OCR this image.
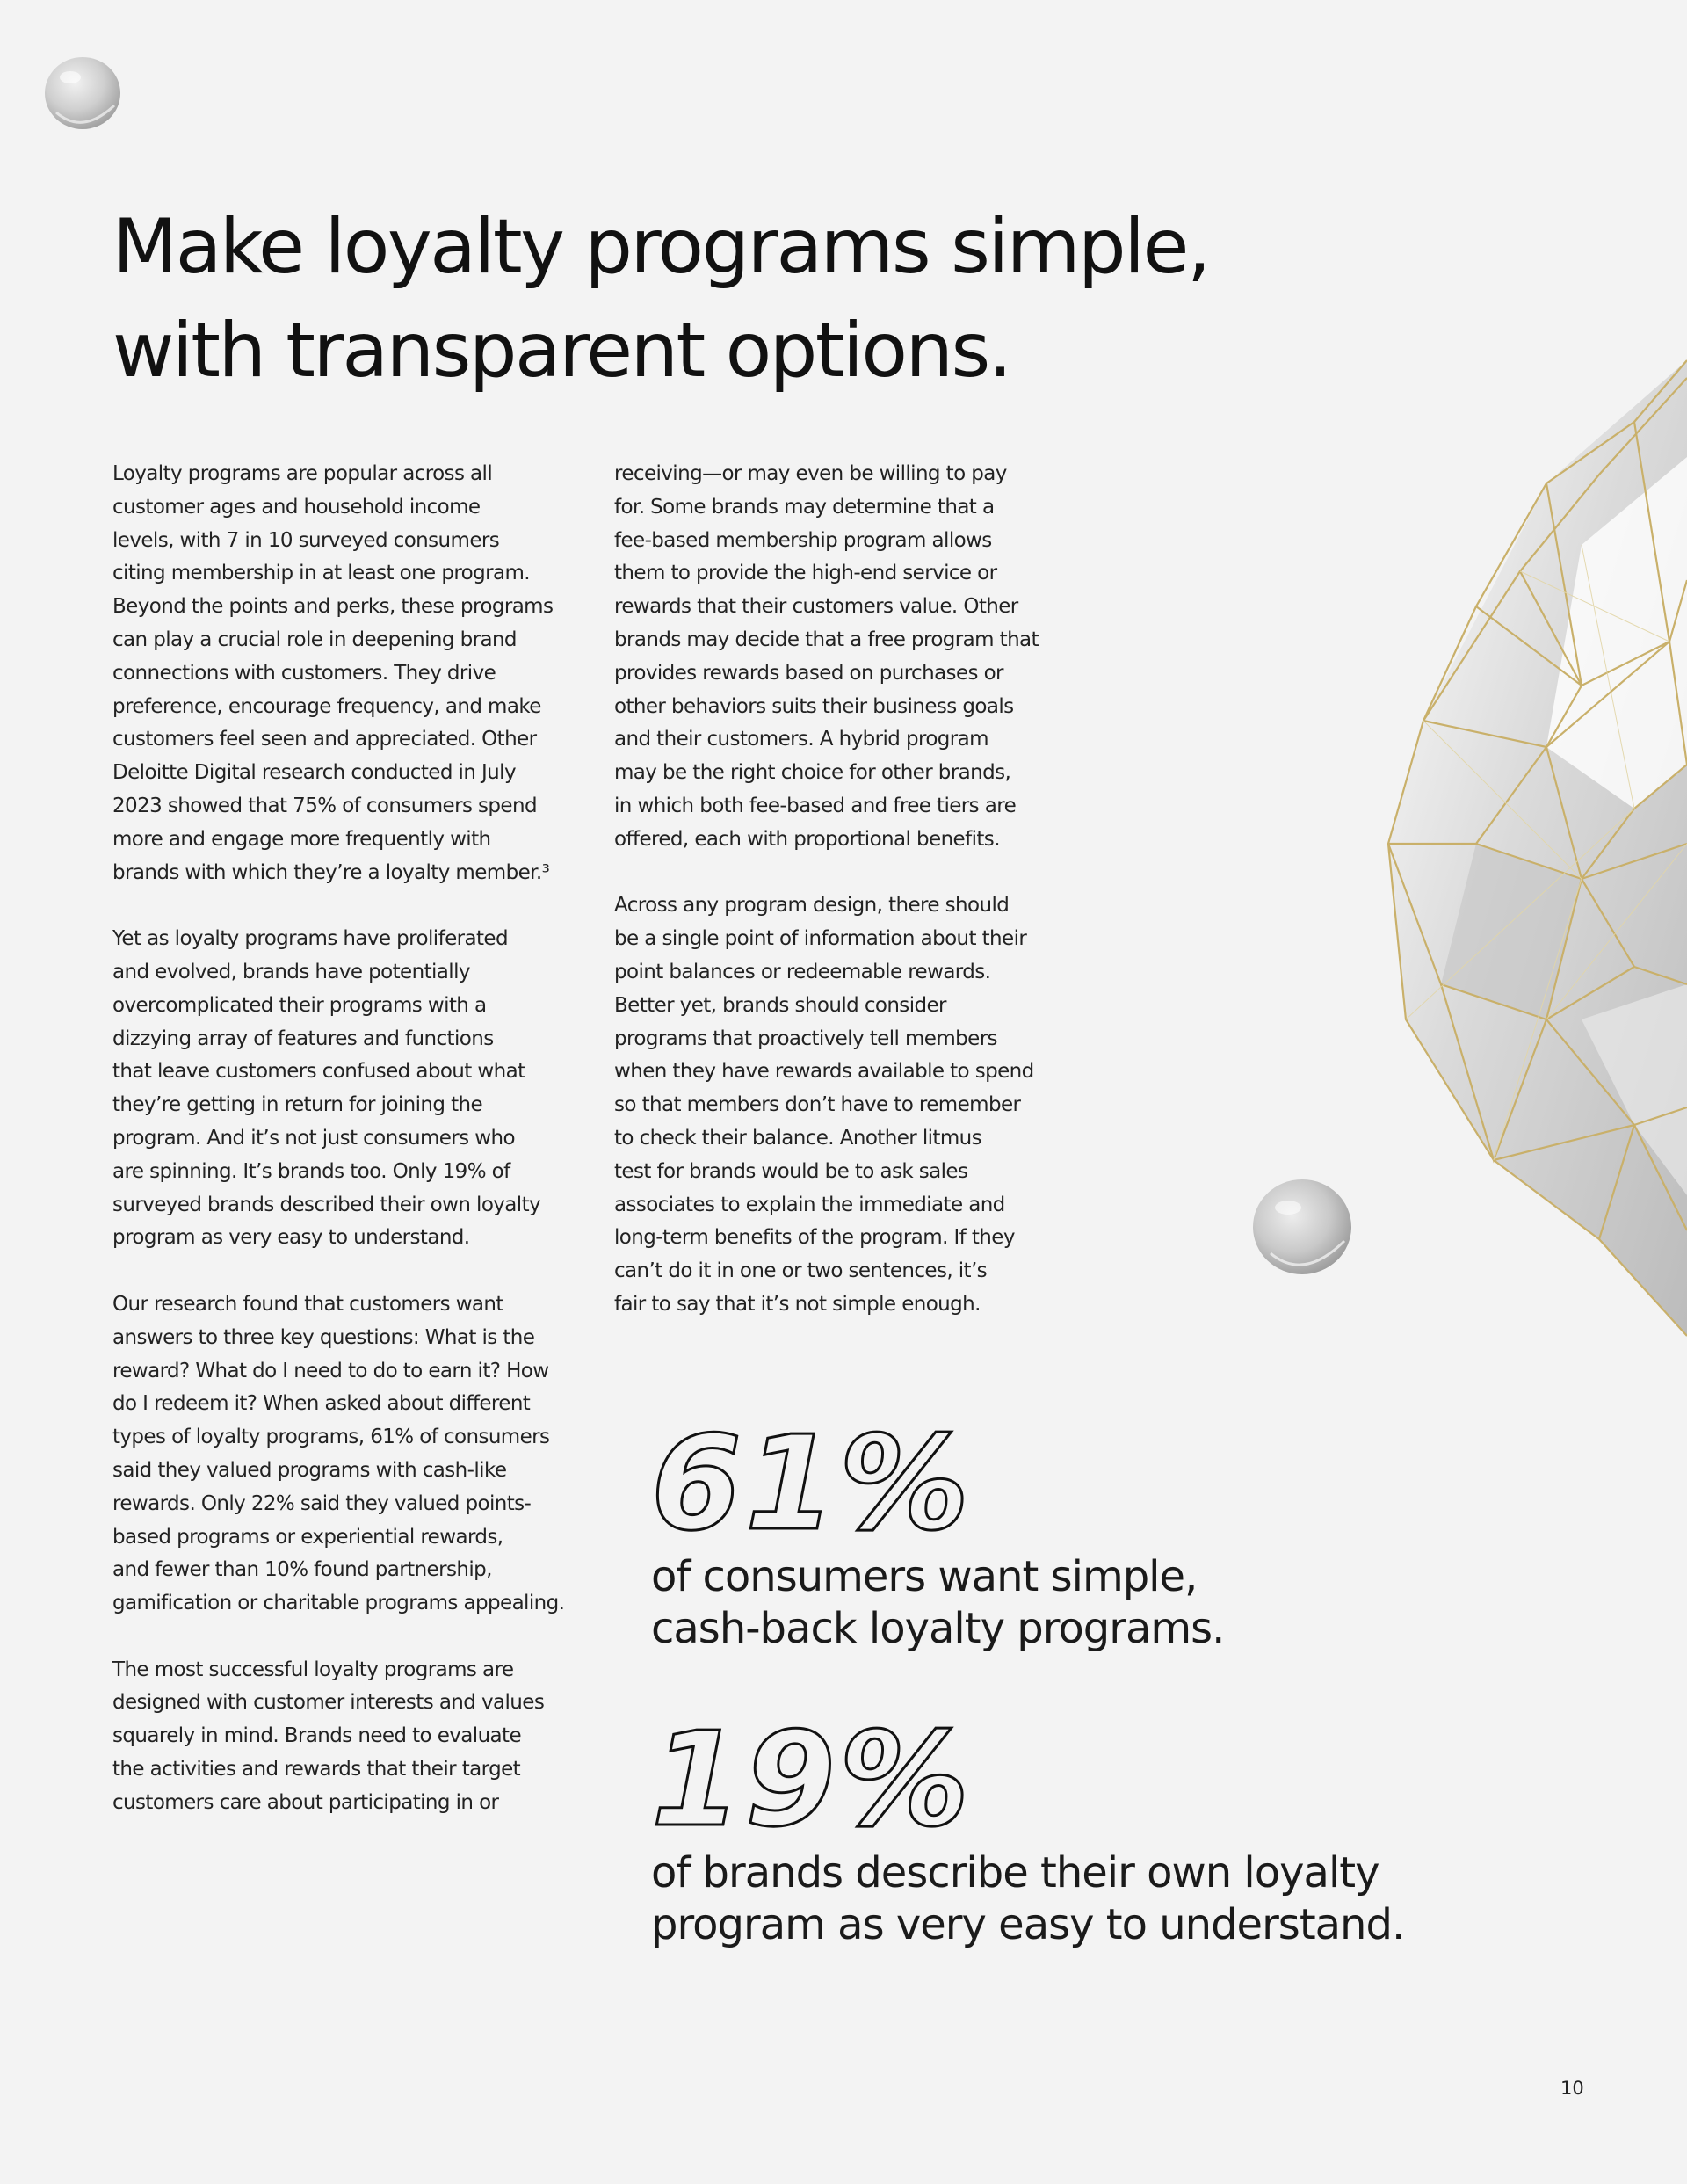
Make loyalty programs simple,
with transparent options.

Loyalty programs are popular across all
customer ages and household income
levels, with 7 in 10 surveyed consumers
citing membership in at least one program.
Beyond the points and perks, these programs
can play a crucial role in deepening brand
connections with customers. They drive
preference, encourage frequency, and make
customers feel seen and appreciated. Other
Deloitte Digital research conducted in July
2023 showed that 75% of consumers spend
more and engage more frequently with
brands with which they’re a loyalty member.³

Yet as loyalty programs have proliferated
and evolved, brands have potentially
overcomplicated their programs with a
dizzying array of features and functions
that leave customers confused about what
they’re getting in return for joining the
program. And it’s not just consumers who
are spinning. It’s brands too. Only 19% of
surveyed brands described their own loyalty
program as very easy to understand.

Our research found that customers want
answers to three key questions: What is the
reward? What do I need to do to earn it? How
do I redeem it? When asked about different
types of loyalty programs, 61% of consumers
said they valued programs with cash-like
rewards. Only 22% said they valued points-
based programs or experiential rewards,
and fewer than 10% found partnership,
gamification or charitable programs appealing.

The most successful loyalty programs are
designed with customer interests and values
squarely in mind. Brands need to evaluate
the activities and rewards that their target
customers care about participating in or

receiving—or may even be willing to pay
for. Some brands may determine that a
fee-based membership program allows
them to provide the high-end service or
rewards that their customers value. Other
brands may decide that a free program that
provides rewards based on purchases or
other behaviors suits their business goals
and their customers. A hybrid program
may be the right choice for other brands,
in which both fee-based and free tiers are
offered, each with proportional benefits.

Across any program design, there should
be a single point of information about their
point balances or redeemable rewards.
Better yet, brands should consider
programs that proactively tell members
when they have rewards available to spend
so that members don’t have to remember
to check their balance. Another litmus
test for brands would be to ask sales
associates to explain the immediate and
long-term benefits of the program. If they
can’t do it in one or two sentences, it’s
fair to say that it’s not simple enough.

61%
of consumers want simple,
cash-back loyalty programs.
19%
of brands describe their own loyalty
program as very easy to understand.
10
